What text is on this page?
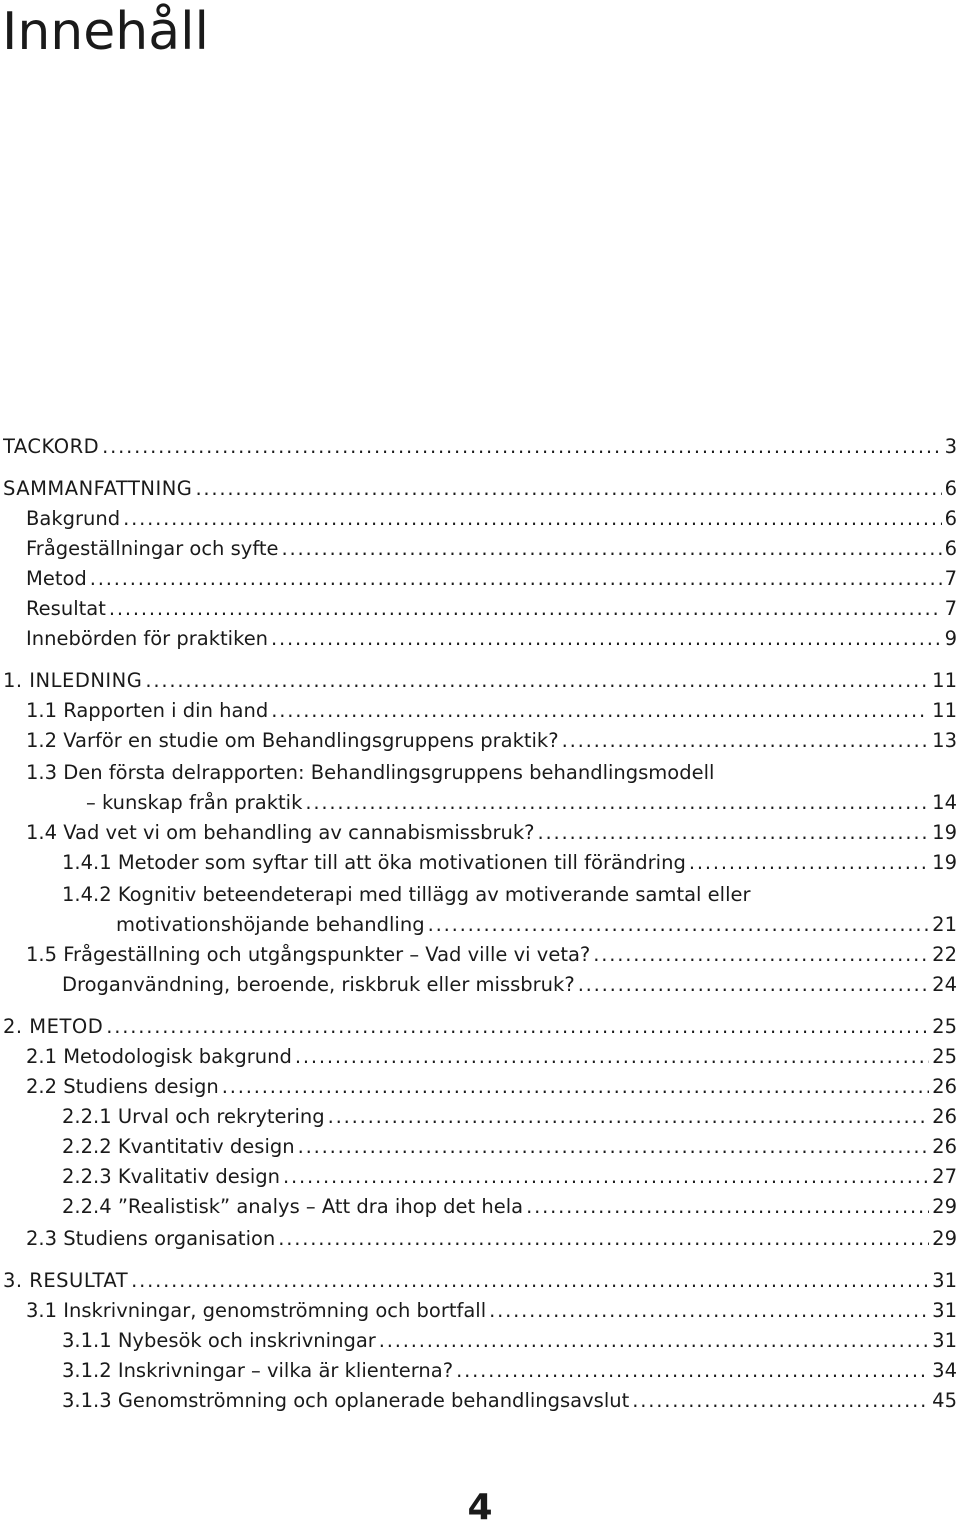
Innehåll
TACKORD . . .	3
SAMMANFATTNING . . .	6
Bakgrund . . .	6
Frågeställningar och syfte . . .	6
Metod . . .	7
Resultat . . .	7
Innebörden för praktiken . . .	9
1. INLEDNING . . .	11
1.1 Rapporten i din hand . . .	11
1.2 Varför en studie om Behandlingsgruppens praktik? . . .	13
1.3 Den första delrapporten: Behandlingsgruppens behandlingsmodell
– kunskap från praktik . . .	14
1.4 Vad vet vi om behandling av cannabismissbruk? . . .	19
1.4.1 Metoder som syftar till att öka motivationen till förändring . . .	19
1.4.2 Kognitiv beteendeterapi med tillägg av motiverande samtal eller
motivationshöjande behandling . . .	21
1.5 Frågeställning och utgångspunkter – Vad ville vi veta? . . .	22
Droganvändning, beroende, riskbruk eller missbruk? . . .	24
2. METOD . . .	25
2.1 Metodologisk bakgrund . . .	25
2.2 Studiens design . . .	26
2.2.1 Urval och rekrytering . . .	26
2.2.2 Kvantitativ design . . .	26
2.2.3 Kvalitativ design . . .	27
2.2.4 ”Realistisk” analys – Att dra ihop det hela . . .	29
2.3 Studiens organisation . . .	29
3. RESULTAT . . .	31
3.1 Inskrivningar, genomströmning och bortfall . . .	31
3.1.1 Nybesök och inskrivningar . . .	31
3.1.2 Inskrivningar – vilka är klienterna? . . .	34
3.1.3 Genomströmning och oplanerade behandlingsavslut . . .	45
4
